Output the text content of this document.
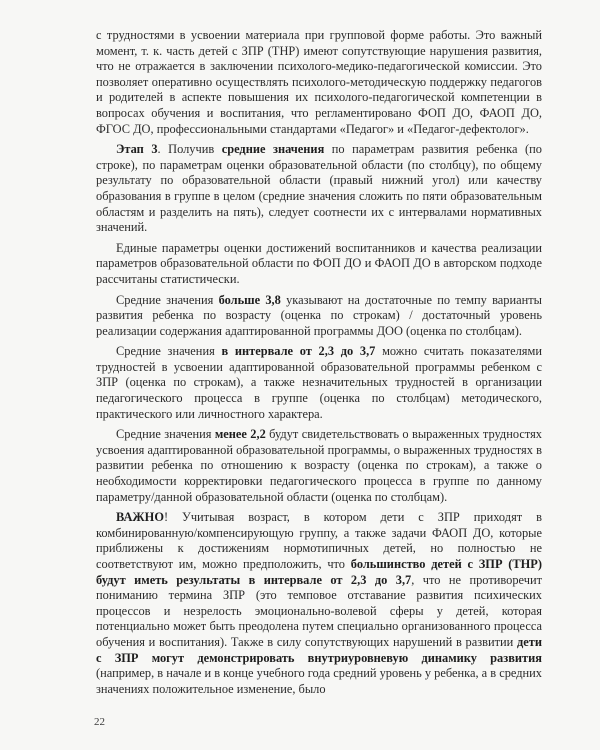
с трудностями в усвоении материала при групповой форме работы. Это важный момент, т. к. часть детей с ЗПР (ТНР) имеют сопутствующие нарушения развития, что не отражается в заключении психолого-медико-педагогической комиссии. Это позволяет оперативно осуществлять психолого-методическую поддержку педагогов и родителей в аспекте повышения их психолого-педагогической компетенции в вопросах обучения и воспитания, что регламентировано ФОП ДО, ФАОП ДО, ФГОС ДО, профессиональными стандартами «Педагог» и «Педагог-дефектолог».

Этап 3. Получив средние значения по параметрам развития ребенка (по строке), по параметрам оценки образовательной области (по столбцу), по общему результату по образовательной области (правый нижний угол) или качеству образования в группе в целом (средние значения сложить по пяти образовательным областям и разделить на пять), следует соотнести их с интервалами нормативных значений.

Единые параметры оценки достижений воспитанников и качества реализации параметров образовательной области по ФОП ДО и ФАОП ДО в авторском подходе рассчитаны статистически.

Средние значения больше 3,8 указывают на достаточные по темпу варианты развития ребенка по возрасту (оценка по строкам) / достаточный уровень реализации содержания адаптированной программы ДОО (оценка по столбцам).

Средние значения в интервале от 2,3 до 3,7 можно считать показателями трудностей в усвоении адаптированной образовательной программы ребенком с ЗПР (оценка по строкам), а также незначительных трудностей в организации педагогического процесса в группе (оценка по столбцам) методического, практического или личностного характера.

Средние значения менее 2,2 будут свидетельствовать о выраженных трудностях усвоения адаптированной образовательной программы, о выраженных трудностях в развитии ребенка по отношению к возрасту (оценка по строкам), а также о необходимости корректировки педагогического процесса в группе по данному параметру/данной образовательной области (оценка по столбцам).

ВАЖНО! Учитывая возраст, в котором дети с ЗПР приходят в комбинированную/компенсирующую группу, а также задачи ФАОП ДО, которые приближены к достижениям нормотипичных детей, но полностью не соответствуют им, можно предположить, что большинство детей с ЗПР (ТНР) будут иметь результаты в интервале от 2,3 до 3,7, что не противоречит пониманию термина ЗПР (это темповое отставание развития психических процессов и незрелость эмоционально-волевой сферы у детей, которая потенциально может быть преодолена путем специально организованного процесса обучения и воспитания). Также в силу сопутствующих нарушений в развитии дети с ЗПР могут демонстрировать внутриуровневую динамику развития (например, в начале и в конце учебного года средний уровень у ребенка, а в средних значениях положительное изменение, было

22
